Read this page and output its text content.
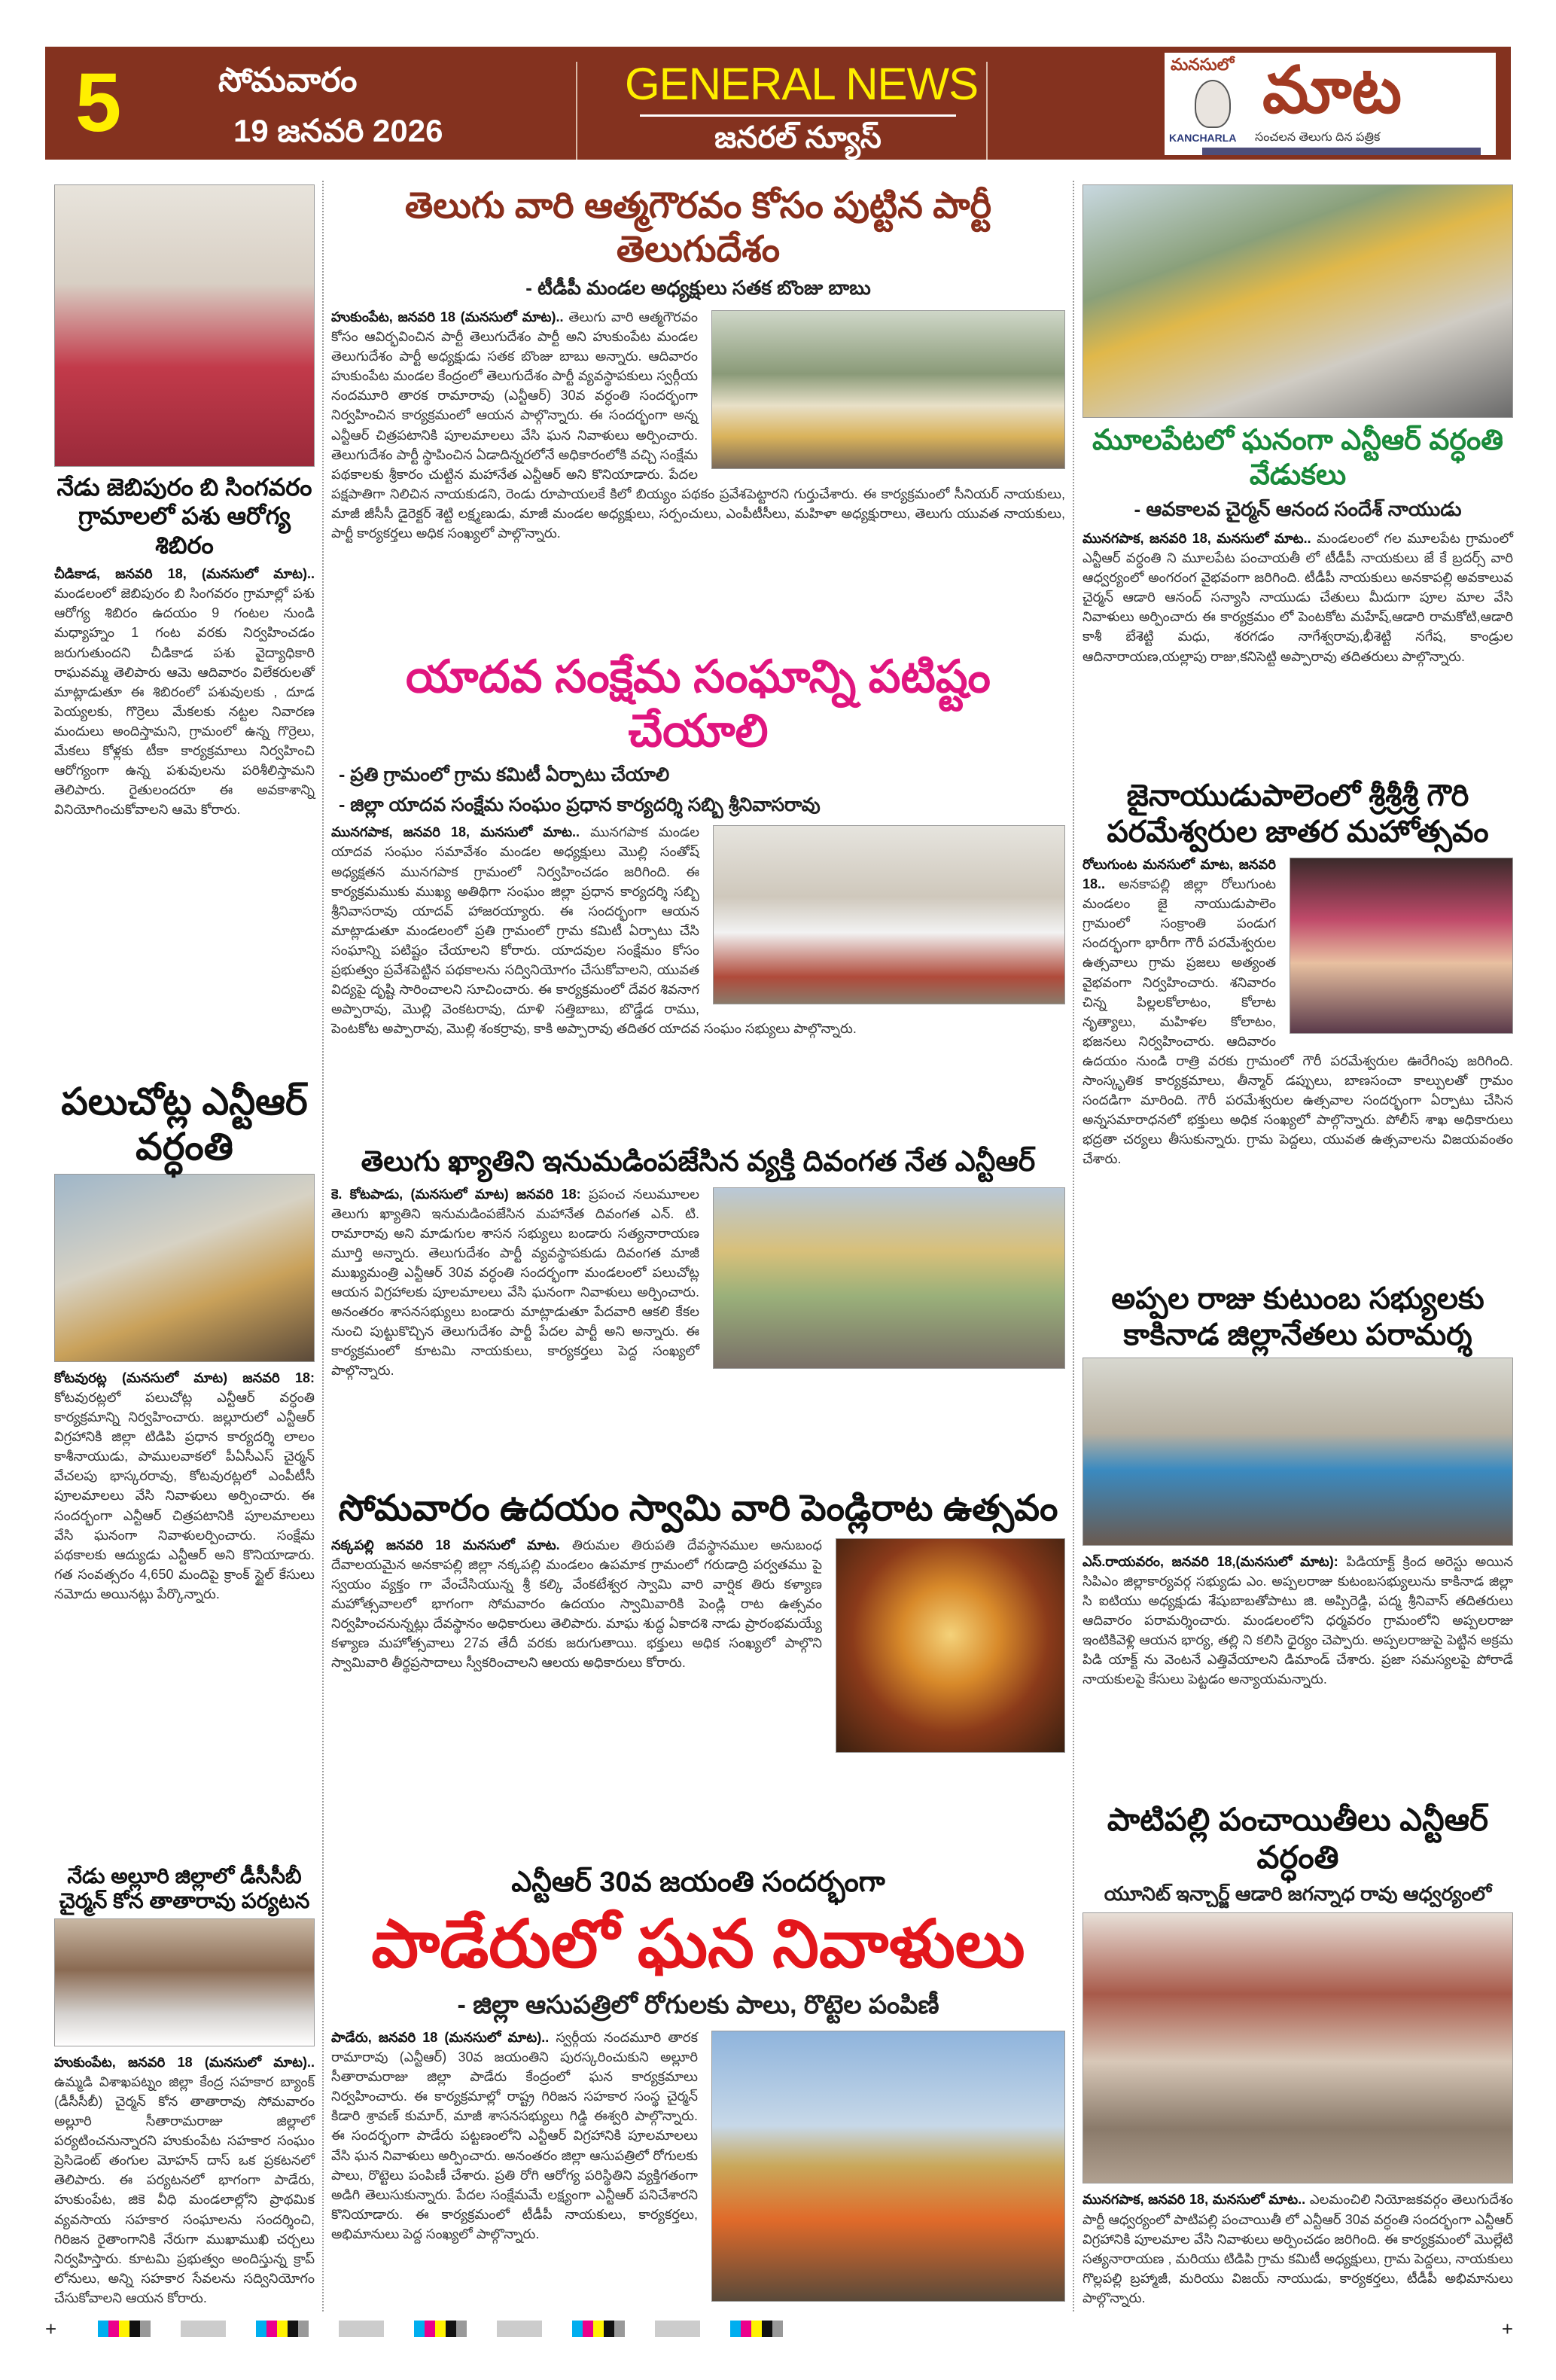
5	సోమవారం
19 జనవరి 2026
GENERAL NEWS
జనరల్ న్యూస్
మనసులో మాట
KANCHARLA సంచలన తెలుగు దిన పత్రిక
నేడు జెబిపురం బి సింగవరం గ్రామాలలో పశు ఆరోగ్య శిబిరం
చీడికాడ, జనవరి 18, (మనసులో మాట).. మండలంలో జెబిపురం బి సింగవరం గ్రామాల్లో పశు ఆరోగ్య శిబిరం ఉదయం 9 గంటల నుండి మధ్యాహ్నం 1 గంట వరకు నిర్వహించడం జరుగుతుందని చీడికాడ పశు వైద్యాధికారి రాఘవమ్మ తెలిపారు ఆమె ఆదివారం విలేకరులతో మాట్లాడుతూ ఈ శిబిరంలో పశువులకు , దూడ పెయ్యలకు, గొర్రెలు మేకలకు నట్టల నివారణ మందులు అందిస్తామని, గ్రామంలో ఉన్న గొర్రెలు, మేకలు కోళ్లకు టీకా కార్యక్రమాలు నిర్వహించి ఆరోగ్యంగా ఉన్న పశువులను పరిశీలిస్తామని తెలిపారు. రైతులందరూ ఈ అవకాశాన్ని వినియోగించుకోవాలని ఆమె కోరారు.
పలుచోట్ల ఎన్టీఆర్ వర్ధంతి
కోటవురట్ల (మనసులో మాట) జనవరి 18: కోటవురట్లలో పలుచోట్ల ఎన్టీఆర్ వర్ధంతి కార్యక్రమాన్ని నిర్వహించారు. జల్లూరులో ఎన్టీఆర్ విగ్రహానికి జిల్లా టిడిపి ప్రధాన కార్యదర్శి లాలం కాశీనాయుడు, పాములవాకలో పీఏసీఎస్ చైర్మన్ వేచలపు భాస్కరరావు, కోటవురట్లలో ఎంపీటీసీ పూలమాలలు వేసి నివాళులు అర్పించారు. ఈ సందర్భంగా ఎన్టీఆర్ చిత్రపటానికి పూలమాలలు వేసి ఘనంగా నివాళులర్పించారు. సంక్షేమ పథకాలకు ఆద్యుడు ఎన్టీఆర్ అని కొనియాడారు. గత సంవత్సరం 4,650 మందిపై క్రాంక్ స్టైల్ కేసులు నమోదు అయినట్లు పేర్కొన్నారు.
నేడు అల్లూరి జిల్లాలో డీసీసీబీ చైర్మన్ కోన తాతారావు పర్యటన
హుకుంపేట, జనవరి 18 (మనసులో మాట).. ఉమ్మడి విశాఖపట్నం జిల్లా కేంద్ర సహకార బ్యాంక్ (డీసీసీబీ) చైర్మన్ కోన తాతారావు సోమవారం అల్లూరి సీతారామరాజు జిల్లాలో పర్యటించనున్నారని హుకుంపేట సహకార సంఘం ప్రెసిడెంట్ తంగుల మోహన్ దాస్ ఒక ప్రకటనలో తెలిపారు. ఈ పర్యటనలో భాగంగా పాడేరు, హుకుంపేట, జికె వీధి మండలాల్లోని ప్రాథమిక వ్యవసాయ సహకార సంఘాలను సందర్శించి, గిరిజన రైతాంగానికి నేరుగా ముఖాముఖి చర్చలు నిర్వహిస్తారు. కూటమి ప్రభుత్వం అందిస్తున్న క్రాప్ లోనులు, అన్ని సహకార సేవలను సద్వినియోగం చేసుకోవాలని ఆయన కోరారు.
తెలుగు వారి ఆత్మగౌరవం కోసం పుట్టిన పార్టీ తెలుగుదేశం
- టీడీపీ మండల అధ్యక్షులు సతక బొంజు బాబు
హుకుంపేట, జనవరి 18 (మనసులో మాట).. తెలుగు వారి ఆత్మగౌరవం కోసం ఆవిర్భవించిన పార్టీ తెలుగుదేశం పార్టీ అని హుకుంపేట మండల తెలుగుదేశం పార్టీ అధ్యక్షుడు సతక బొంజు బాబు అన్నారు. ఆదివారం హుకుంపేట మండల కేంద్రంలో తెలుగుదేశం పార్టీ వ్యవస్థాపకులు స్వర్గీయ నందమూరి తారక రామారావు (ఎన్టీఆర్) 30వ వర్ధంతి సందర్భంగా నిర్వహించిన కార్యక్రమంలో ఆయన పాల్గొన్నారు. ఈ సందర్భంగా అన్న ఎన్టీఆర్ చిత్రపటానికి పూలమాలలు వేసి ఘన నివాళులు అర్పించారు. తెలుగుదేశం పార్టీ స్థాపించిన ఏడాదిన్నరలోనే అధికారంలోకి వచ్చి సంక్షేమ పథకాలకు శ్రీకారం చుట్టిన మహానేత ఎన్టీఆర్ అని కొనియాడారు. పేదల పక్షపాతిగా నిలిచిన నాయకుడని, రెండు రూపాయలకే కిలో బియ్యం పథకం ప్రవేశపెట్టారని గుర్తుచేశారు. ఈ కార్యక్రమంలో సీనియర్ నాయకులు, మాజీ జీసీసీ డైరెక్టర్ శెట్టి లక్ష్మణుడు, మాజీ మండల అధ్యక్షులు, సర్పంచులు, ఎంపీటీసీలు, మహిళా అధ్యక్షురాలు, తెలుగు యువత నాయకులు, పార్టీ కార్యకర్తలు అధిక సంఖ్యలో పాల్గొన్నారు.
యాదవ సంక్షేమ సంఘాన్ని పటిష్టం చేయాలి
- ప్రతి గ్రామంలో గ్రామ కమిటీ ఏర్పాటు చేయాలి
- జిల్లా యాదవ సంక్షేమ సంఘం ప్రధాన కార్యదర్శి సబ్బి శ్రీనివాసరావు
మునగపాక, జనవరి 18, మనసులో మాట.. మునగపాక మండల యాదవ సంఘం సమావేశం మండల అధ్యక్షులు మొల్లి సంతోష్ అధ్యక్షతన మునగపాక గ్రామంలో నిర్వహించడం జరిగింది. ఈ కార్యక్రమముకు ముఖ్య అతిథిగా సంఘం జిల్లా ప్రధాన కార్యదర్శి సబ్బి శ్రీనివాసరావు యాదవ్ హాజరయ్యారు. ఈ సందర్భంగా ఆయన మాట్లాడుతూ మండలంలో ప్రతి గ్రామంలో గ్రామ కమిటీ ఏర్పాటు చేసి సంఘాన్ని పటిష్టం చేయాలని కోరారు. యాదవుల సంక్షేమం కోసం ప్రభుత్వం ప్రవేశపెట్టిన పథకాలను సద్వినియోగం చేసుకోవాలని, యువత విద్యపై దృష్టి సారించాలని సూచించారు. ఈ కార్యక్రమంలో దేవర శివనాగ అప్పారావు, మొల్లి వెంకటరావు, దూళి సత్తిబాబు, బొడ్డేడ రాము, పెంటకోట అప్పారావు, మొల్లి శంకర్రావు, కాకి అప్పారావు తదితర యాదవ సంఘం సభ్యులు పాల్గొన్నారు.
తెలుగు ఖ్యాతిని ఇనుమడింపజేసిన వ్యక్తి దివంగత నేత ఎన్టీఆర్
కె. కోటపాడు, (మనసులో మాట) జనవరి 18: ప్రపంచ నలుమూలల తెలుగు ఖ్యాతిని ఇనుమడింపజేసిన మహానేత దివంగత ఎన్. టి. రామారావు అని మాడుగుల శాసన సభ్యులు బండారు సత్యనారాయణ మూర్తి అన్నారు. తెలుగుదేశం పార్టీ వ్యవస్థాపకుడు దివంగత మాజీ ముఖ్యమంత్రి ఎన్టీఆర్ 30వ వర్ధంతి సందర్భంగా మండలంలో పలుచోట్ల ఆయన విగ్రహాలకు పూలమాలలు వేసి ఘనంగా నివాళులు అర్పించారు. అనంతరం శాసనసభ్యులు బండారు మాట్లాడుతూ పేదవారి ఆకలి కేకల నుంచి పుట్టుకొచ్చిన తెలుగుదేశం పార్టీ పేదల పార్టీ అని అన్నారు. ఈ కార్యక్రమంలో కూటమి నాయకులు, కార్యకర్తలు పెద్ద సంఖ్యలో పాల్గొన్నారు.
సోమవారం ఉదయం స్వామి వారి పెండ్లిరాట ఉత్సవం
నక్కపల్లి జనవరి 18 మనసులో మాట. తిరుమల తిరుపతి దేవస్థానముల అనుబంధ దేవాలయమైన అనకాపల్లి జిల్లా నక్కపల్లి మండలం ఉపమాక గ్రామంలో గరుడాద్రి పర్వతము పై స్వయం వ్యక్తం గా వేంచేసియున్న శ్రీ కల్కి వేంకటేశ్వర స్వామి వారి వార్షిక తిరు కళ్యాణ మహోత్సవాలలో భాగంగా సోమవారం ఉదయం స్వామివారికి పెండ్లి రాట ఉత్సవం నిర్వహించనున్నట్లు దేవస్థానం అధికారులు తెలిపారు. మాఘ శుద్ధ ఏకాదశి నాడు ప్రారంభమయ్యే కళ్యాణ మహోత్సవాలు 27వ తేదీ వరకు జరుగుతాయి. భక్తులు అధిక సంఖ్యలో పాల్గొని స్వామివారి తీర్థప్రసాదాలు స్వీకరించాలని ఆలయ అధికారులు కోరారు.
ఎన్టీఆర్ 30వ జయంతి సందర్భంగా
పాడేరులో ఘన నివాళులు
- జిల్లా ఆసుపత్రిలో రోగులకు పాలు, రొట్టెల పంపిణీ
పాడేరు, జనవరి 18 (మనసులో మాట).. స్వర్గీయ నందమూరి తారక రామారావు (ఎన్టీఆర్) 30వ జయంతిని పురస్కరించుకుని అల్లూరి సీతారామరాజు జిల్లా పాడేరు కేంద్రంలో ఘన కార్యక్రమాలు నిర్వహించారు. ఈ కార్యక్రమాల్లో రాష్ట్ర గిరిజన సహకార సంస్థ చైర్మన్ కిడారి శ్రావణ్ కుమార్, మాజీ శాసనసభ్యులు గిడ్డి ఈశ్వరి పాల్గొన్నారు. ఈ సందర్భంగా పాడేరు పట్టణంలోని ఎన్టీఆర్ విగ్రహానికి పూలమాలలు వేసి ఘన నివాళులు అర్పించారు. అనంతరం జిల్లా ఆసుపత్రిలో రోగులకు పాలు, రొట్టెలు పంపిణీ చేశారు. ప్రతి రోగి ఆరోగ్య పరిస్థితిని వ్యక్తిగతంగా అడిగి తెలుసుకున్నారు. పేదల సంక్షేమమే లక్ష్యంగా ఎన్టీఆర్ పనిచేశారని కొనియాడారు. ఈ కార్యక్రమంలో టీడీపీ నాయకులు, కార్యకర్తలు, అభిమానులు పెద్ద సంఖ్యలో పాల్గొన్నారు.
మూలపేటలో ఘనంగా ఎన్టీఆర్ వర్ధంతి వేడుకలు
- ఆవకాలవ చైర్మన్ ఆనంద సందేశ్ నాయుడు
మునగపాక, జనవరి 18, మనసులో మాట.. మండలంలో గల మూలపేట గ్రామంలో ఎన్టీఆర్ వర్ధంతి ని మూలపేట పంచాయతీ లో టీడీపీ నాయకులు జే కే బ్రదర్స్ వారి ఆధ్వర్యంలో అంగరంగ వైభవంగా జరిగింది. టీడీపీ నాయకులు అనకాపల్లి అవకాలువ చైర్మన్ ఆడారి ఆనంద్ సన్యాసి నాయుడు చేతులు మీదుగా పూల మాల వేసి నివాళులు అర్పించారు ఈ కార్యక్రమం లో పెంటకోట మహేష్,ఆడారి రామకోటి,ఆడారి కాశీ బేశెట్టి మధు, శరగడం నాగేశ్వరావు,భీశెట్టి నగేష, కాండ్రుల ఆదినారాయణ,యల్లాపు రాజు,కనిసెట్టి అప్పారావు తదితరులు పాల్గొన్నారు.
జైనాయుడుపాలెంలో శ్రీశ్రీశ్రీ గౌరి పరమేశ్వరుల జాతర మహోత్సవం
రోలుగుంట మనసులో మాట, జనవరి 18.. అనకాపల్లి జిల్లా రోలుగుంట మండలం జై నాయుడుపాలెం గ్రామంలో సంక్రాంతి పండుగ సందర్భంగా భారీగా గౌరీ పరమేశ్వరుల ఉత్సవాలు గ్రామ ప్రజలు అత్యంత వైభవంగా నిర్వహించారు. శనివారం చిన్న పిల్లలకోలాటం, కోలాట నృత్యాలు, మహిళల కోలాటం, భజనలు నిర్వహించారు. ఆదివారం ఉదయం నుండి రాత్రి వరకు గ్రామంలో గౌరీ పరమేశ్వరుల ఊరేగింపు జరిగింది. సాంస్కృతిక కార్యక్రమాలు, తీన్మార్ డప్పులు, బాణసంచా కాల్పులతో గ్రామం సందడిగా మారింది. గౌరీ పరమేశ్వరుల ఉత్సవాల సందర్భంగా ఏర్పాటు చేసిన అన్నసమారాధనలో భక్తులు అధిక సంఖ్యలో పాల్గొన్నారు. పోలీస్ శాఖ అధికారులు భద్రతా చర్యలు తీసుకున్నారు. గ్రామ పెద్దలు, యువత ఉత్సవాలను విజయవంతం చేశారు.
అప్పల రాజు కుటుంబ సభ్యులకు కాకినాడ జిల్లానేతలు పరామర్శ
ఎస్.రాయవరం, జనవరి 18,(మనసులో మాట): పిడియాక్ట్ క్రింద అరెస్టు అయిన సిపిఎం జిల్లాకార్యవర్గ సభ్యుడు ఎం. అప్పలరాజు కుటంబసభ్యులును కాకినాడ జిల్లా సి ఐటియు అధ్యక్షుడు శేషుబాబతోపాటు జి. అప్పిరెడ్డి, పద్మ శ్రీనివాస్ తదితరులు ఆదివారం పరామర్శించారు. మండలంలోని ధర్మవరం గ్రామంలోని అప్పలరాజు ఇంటికివెళ్లి ఆయన భార్య, తల్లి ని కలిసి ధైర్యం చెప్పారు. అప్పలరాజుపై పెట్టిన అక్రమ పిడి యాక్ట్ ను వెంటనే ఎత్తివేయాలని డిమాండ్ చేశారు. ప్రజా సమస్యలపై పోరాడే నాయకులపై కేసులు పెట్టడం అన్యాయమన్నారు.
పాటిపల్లి పంచాయితీలు ఎన్టీఆర్ వర్ధంతి
యూనిట్ ఇన్చార్జ్ ఆడారి జగన్నాధ రావు ఆధ్వర్యంలో
మునగపాక, జనవరి 18, మనసులో మాట.. ఎలమంచిలి నియోజకవర్గం తెలుగుదేశం పార్టీ ఆధ్వర్యంలో పాటిపల్లి పంచాయితీ లో ఎన్టీఆర్ 30వ వర్ధంతి సందర్భంగా ఎన్టీఆర్ విగ్రహానికి పూలమాల వేసి నివాళులు అర్పించడం జరిగింది. ఈ కార్యక్రమంలో మొల్లేటి సత్యనారాయణ , మరియు టిడిపి గ్రామ కమిటీ అధ్యక్షులు, గ్రామ పెద్దలు, నాయకులు గొల్లపల్లి బ్రహ్మాజీ, మరియు విజయ్ నాయుడు, కార్యకర్తలు, టీడీపీ అభిమానులు పాల్గొన్నారు.
+	+
